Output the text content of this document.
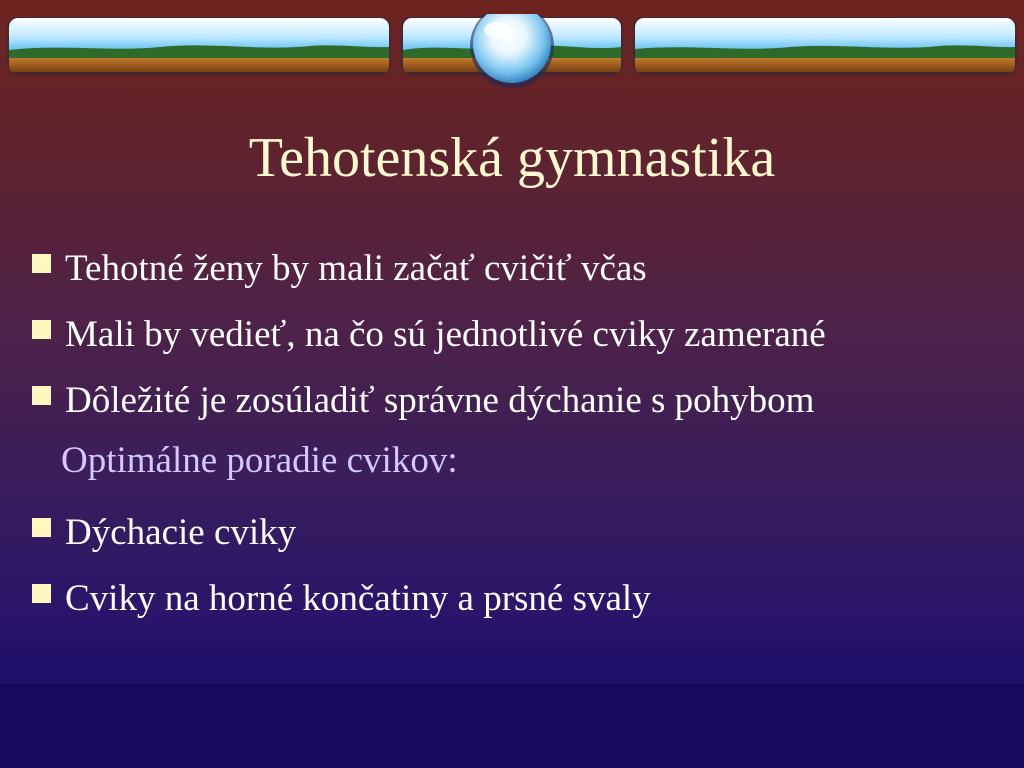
Tehotenská gymnastika
Tehotné ženy by mali začať cvičiť včas
Mali by vedieť, na čo sú jednotlivé cviky zamerané
Dôležité je zosúladiť správne dýchanie s pohybom
Optimálne poradie cvikov:
Dýchacie cviky
Cviky na horné končatiny a prsné svaly
